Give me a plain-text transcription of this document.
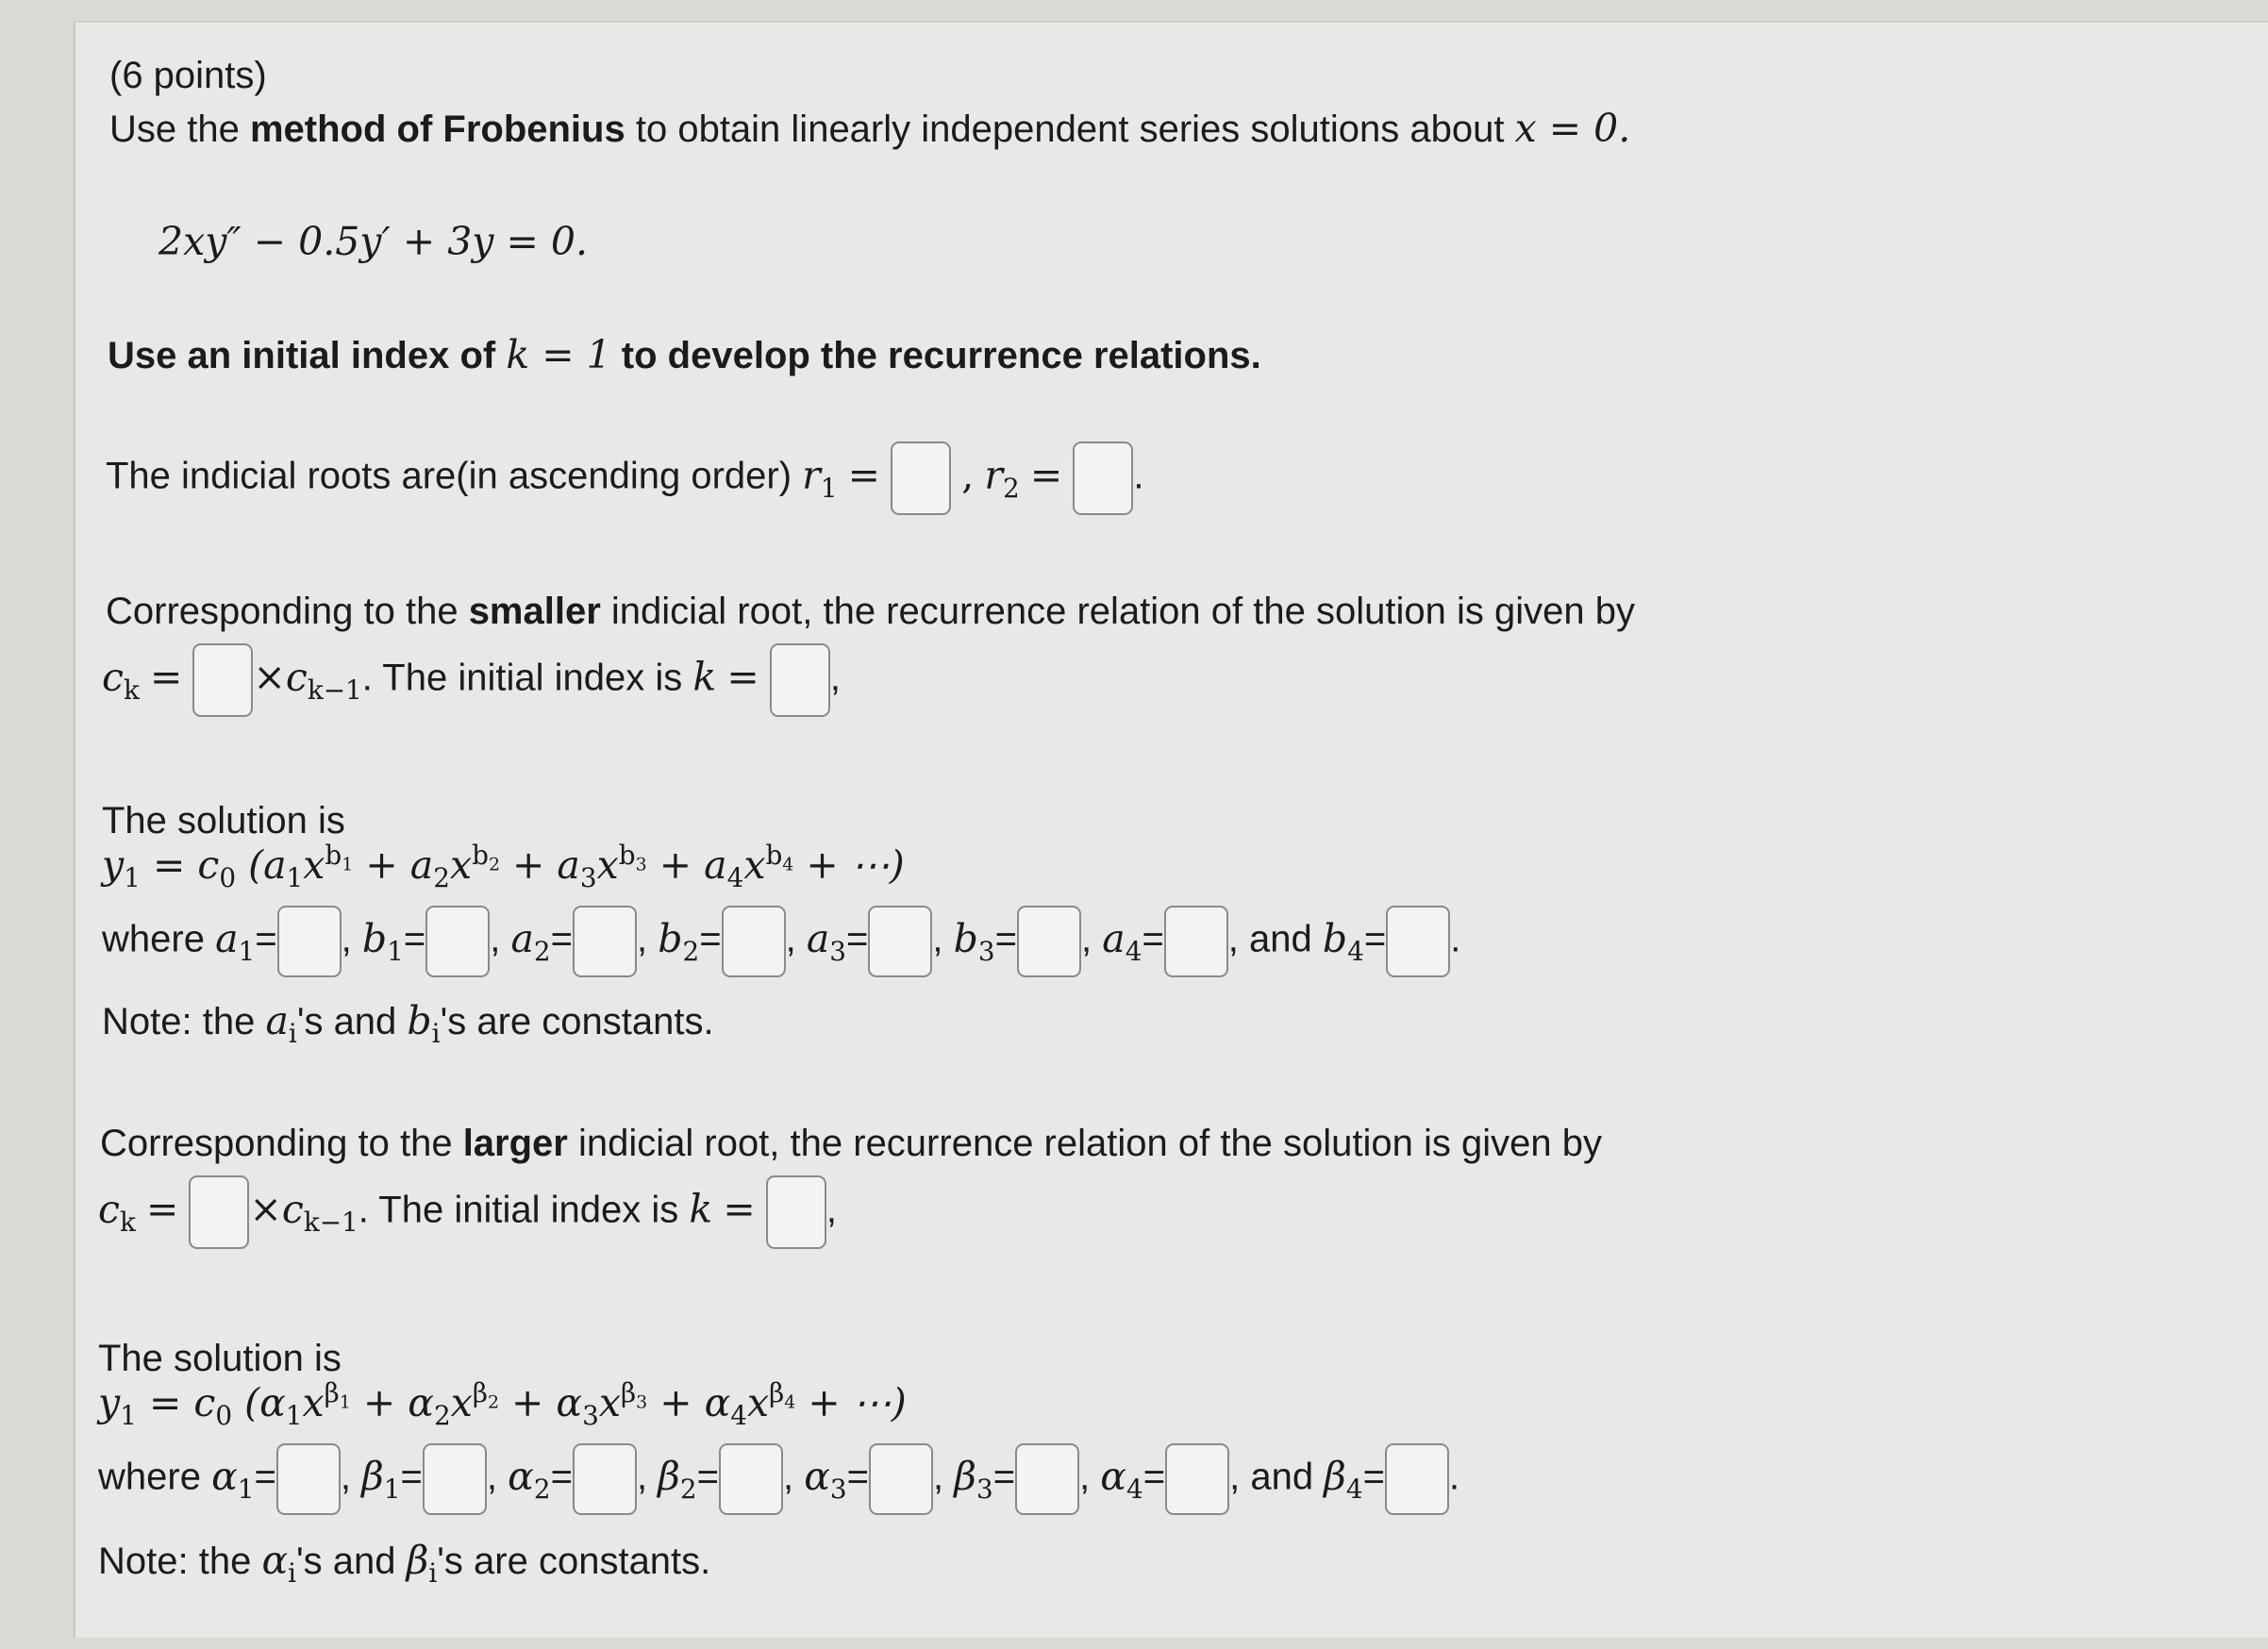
(6 points)
Use the method of Frobenius to obtain linearly independent series solutions about x = 0.
2xy″ − 0.5y′ + 3y = 0.
Use an initial index of k = 1 to develop the recurrence relations.
The indicial roots are(in ascending order) $r_1$ = , $r_2$ = .
Corresponding to the smaller indicial root, the recurrence relation of the solution is given by
$c_k = \times c_{k-1}$. The initial index is k = ,
The solution is
$y_1 = c_0$ ($a_1x^{b_1} + a_2x^{b_2} + a_3x^{b_3} + a_4x^{b_4}$ + ⋯)
where $a_1=$ , $b_1=$ , $a_2=$ , $b_2=$ , $a_3=$ , $b_3=$ , $a_4=$ , and $b_4=$ .
Note: the $a_i's$ and $b_i's$ are constants.
Corresponding to the larger indicial root, the recurrence relation of the solution is given by
$c_k = \times c_{k-1}$. The initial index is k = ,
The solution is
$y_1 = c_0$ ($\alpha_1x^{\beta_1} + \alpha_2x^{\beta_2} + \alpha_3x^{\beta_3} + \alpha_4x^{\beta_4}$ + ⋯)
where $\alpha_1=$ , $\beta_1=$ , $\alpha_2=$ , $\beta_2=$ , $\alpha_3=$ , $\beta_3=$ , $\alpha_4=$ , and $\beta_4=$ .
Note: the $\alpha_i's$ and $\beta_i's$ are constants.
